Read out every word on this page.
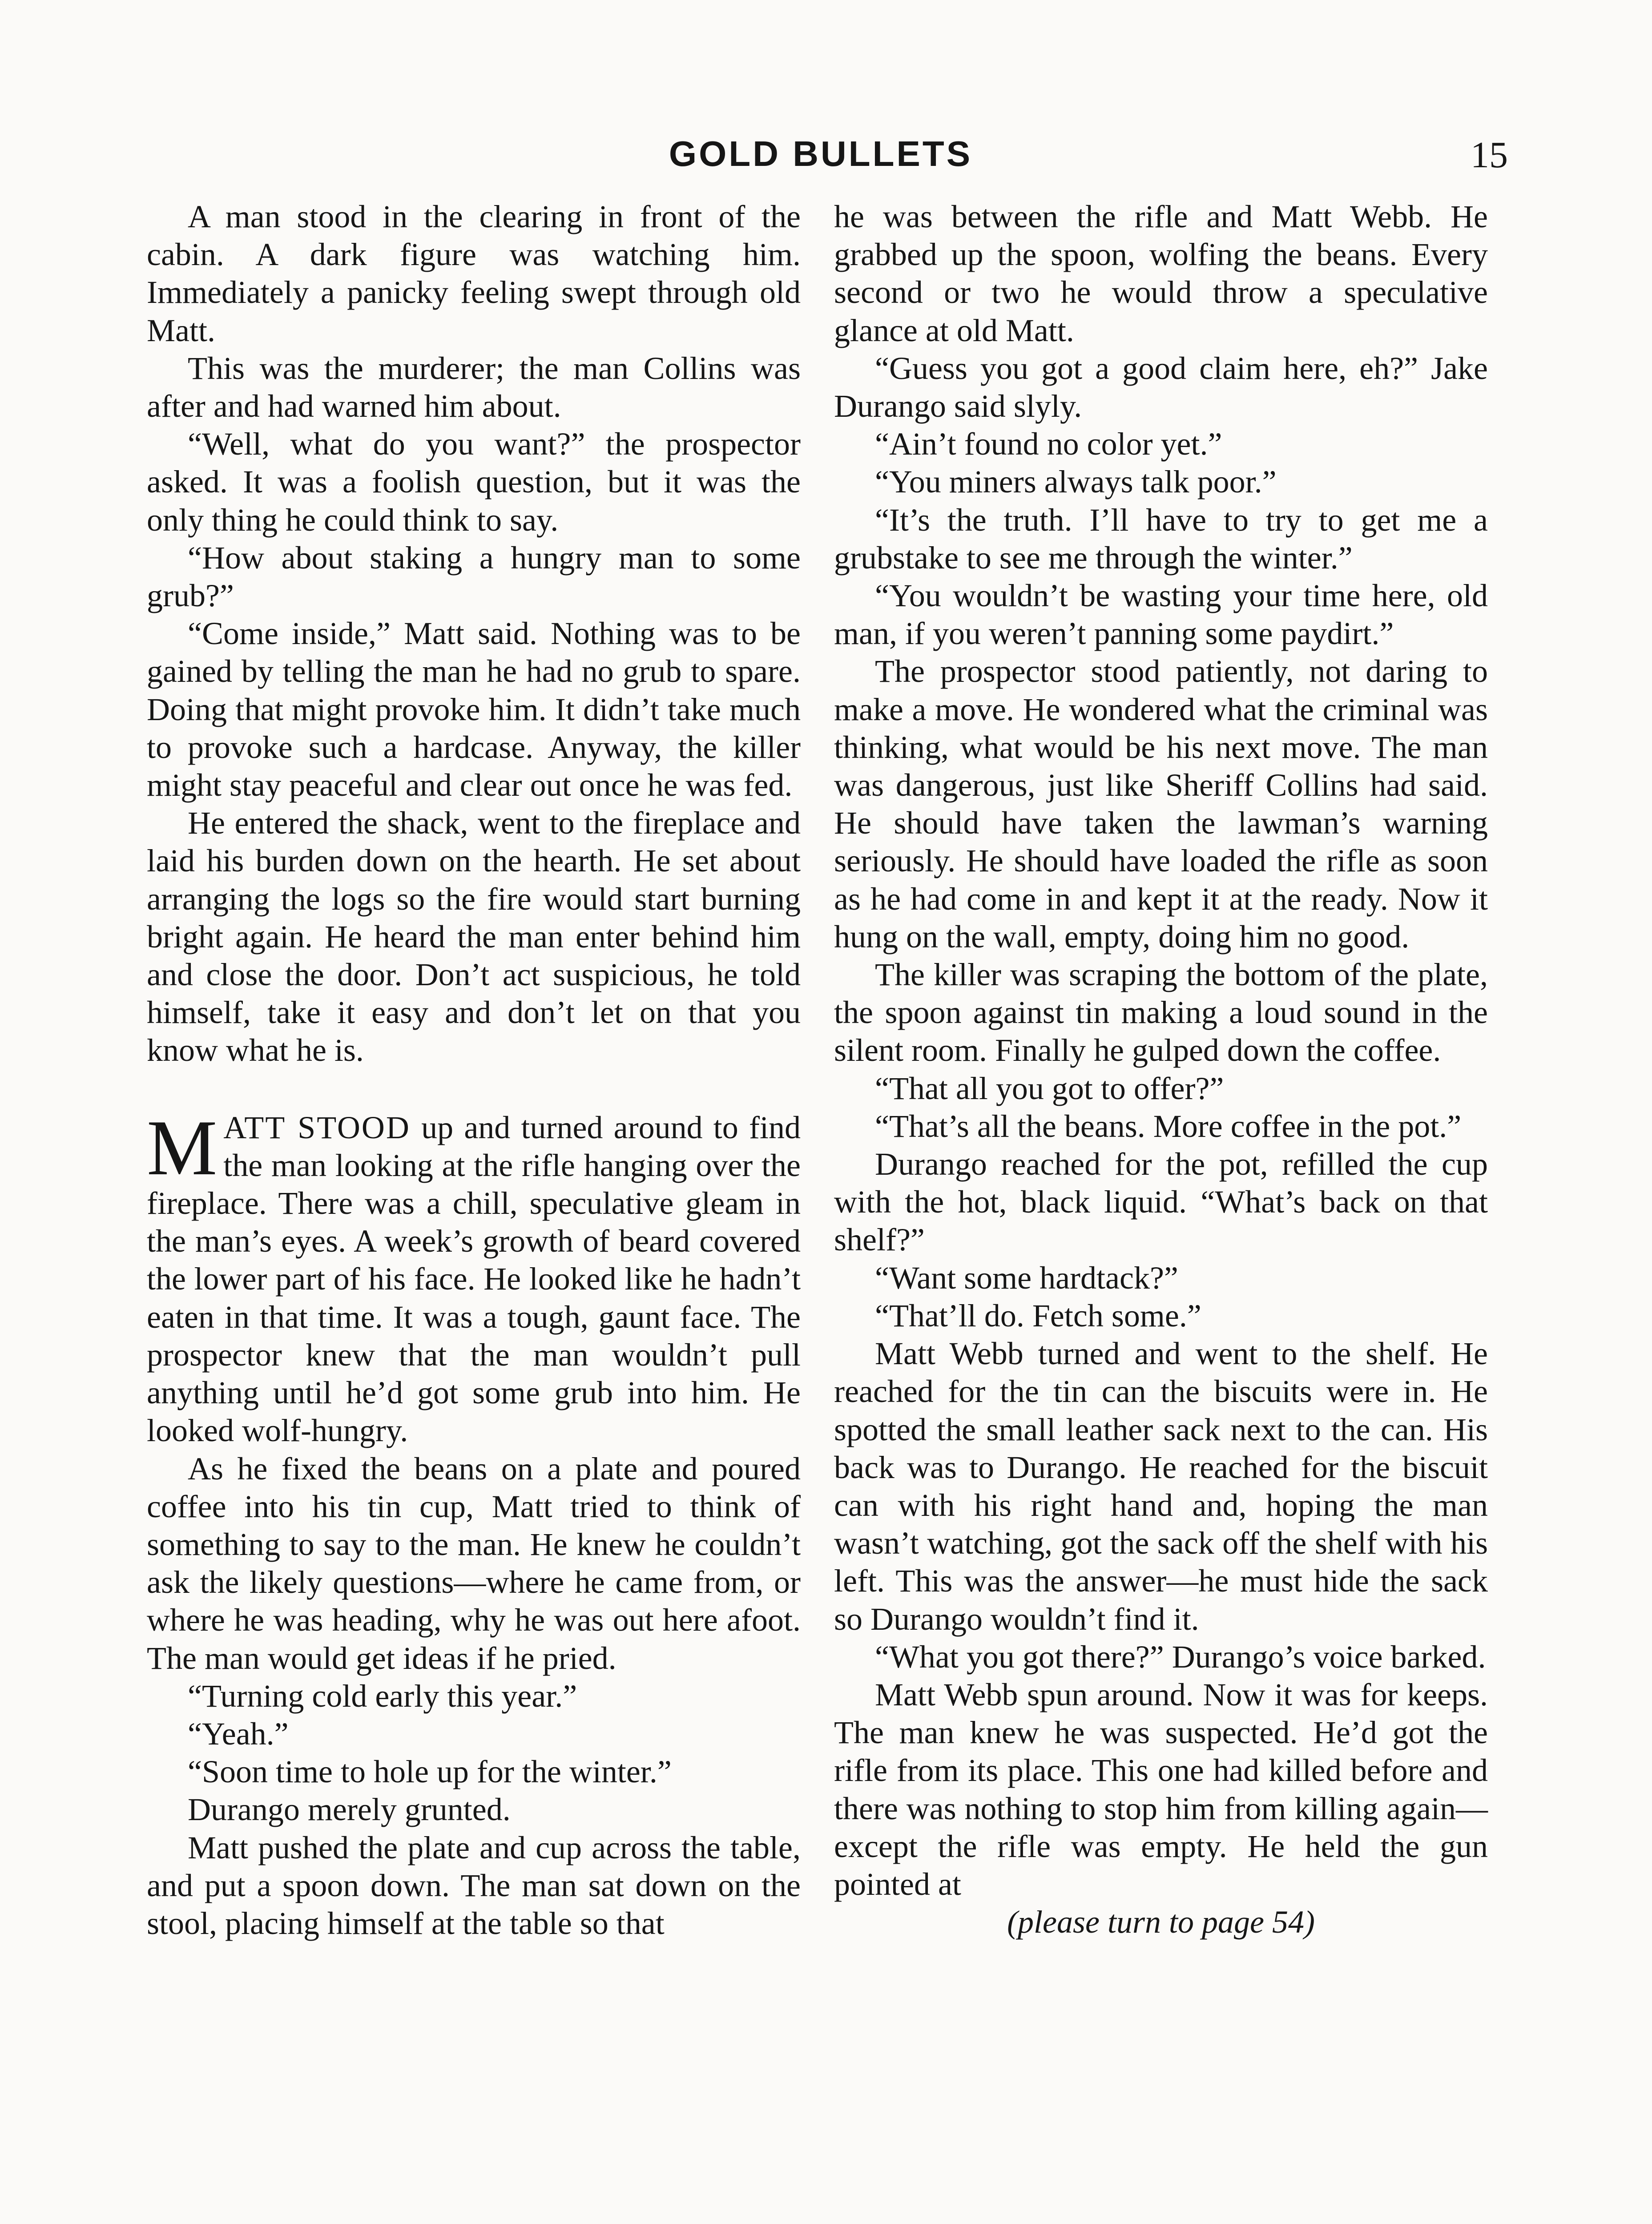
GOLD BULLETS	15

A man stood in the clearing in front of the cabin. A dark figure was watching him. Immediately a panicky feeling swept through old Matt.

This was the murderer; the man Collins was after and had warned him about.

“Well, what do you want?” the prospector asked. It was a foolish question, but it was the only thing he could think to say.

“How about staking a hungry man to some grub?”

“Come inside,” Matt said. Nothing was to be gained by telling the man he had no grub to spare. Doing that might provoke him. It didn’t take much to provoke such a hardcase. Anyway, the killer might stay peaceful and clear out once he was fed.

He entered the shack, went to the fireplace and laid his burden down on the hearth. He set about arranging the logs so the fire would start burning bright again. He heard the man enter behind him and close the door. Don’t act suspicious, he told himself, take it easy and don’t let on that you know what he is.

MATT STOOD up and turned around to find the man looking at the rifle hanging over the fireplace. There was a chill, speculative gleam in the man’s eyes. A week’s growth of beard covered the lower part of his face. He looked like he hadn’t eaten in that time. It was a tough, gaunt face. The prospector knew that the man wouldn’t pull anything until he’d got some grub into him. He looked wolf-hungry.

As he fixed the beans on a plate and poured coffee into his tin cup, Matt tried to think of something to say to the man. He knew he couldn’t ask the likely questions—where he came from, or where he was heading, why he was out here afoot. The man would get ideas if he pried.

“Turning cold early this year.”

“Yeah.”

“Soon time to hole up for the winter.”

Durango merely grunted.

Matt pushed the plate and cup across the table, and put a spoon down. The man sat down on the stool, placing himself at the table so that

he was between the rifle and Matt Webb. He grabbed up the spoon, wolfing the beans. Every second or two he would throw a speculative glance at old Matt.

“Guess you got a good claim here, eh?” Jake Durango said slyly.

“Ain’t found no color yet.”

“You miners always talk poor.”

“It’s the truth. I’ll have to try to get me a grubstake to see me through the winter.”

“You wouldn’t be wasting your time here, old man, if you weren’t panning some paydirt.”

The prospector stood patiently, not daring to make a move. He wondered what the criminal was thinking, what would be his next move. The man was dangerous, just like Sheriff Collins had said. He should have taken the lawman’s warning seriously. He should have loaded the rifle as soon as he had come in and kept it at the ready. Now it hung on the wall, empty, doing him no good.

The killer was scraping the bottom of the plate, the spoon against tin making a loud sound in the silent room. Finally he gulped down the coffee.

“That all you got to offer?”

“That’s all the beans. More coffee in the pot.”

Durango reached for the pot, refilled the cup with the hot, black liquid. “What’s back on that shelf?”

“Want some hardtack?”

“That’ll do. Fetch some.”

Matt Webb turned and went to the shelf. He reached for the tin can the biscuits were in. He spotted the small leather sack next to the can. His back was to Durango. He reached for the biscuit can with his right hand and, hoping the man wasn’t watching, got the sack off the shelf with his left. This was the answer—he must hide the sack so Durango wouldn’t find it.

“What you got there?” Durango’s voice barked.

Matt Webb spun around. Now it was for keeps. The man knew he was suspected. He’d got the rifle from its place. This one had killed before and there was nothing to stop him from killing again—except the rifle was empty. He held the gun pointed at

(please turn to page 54)
